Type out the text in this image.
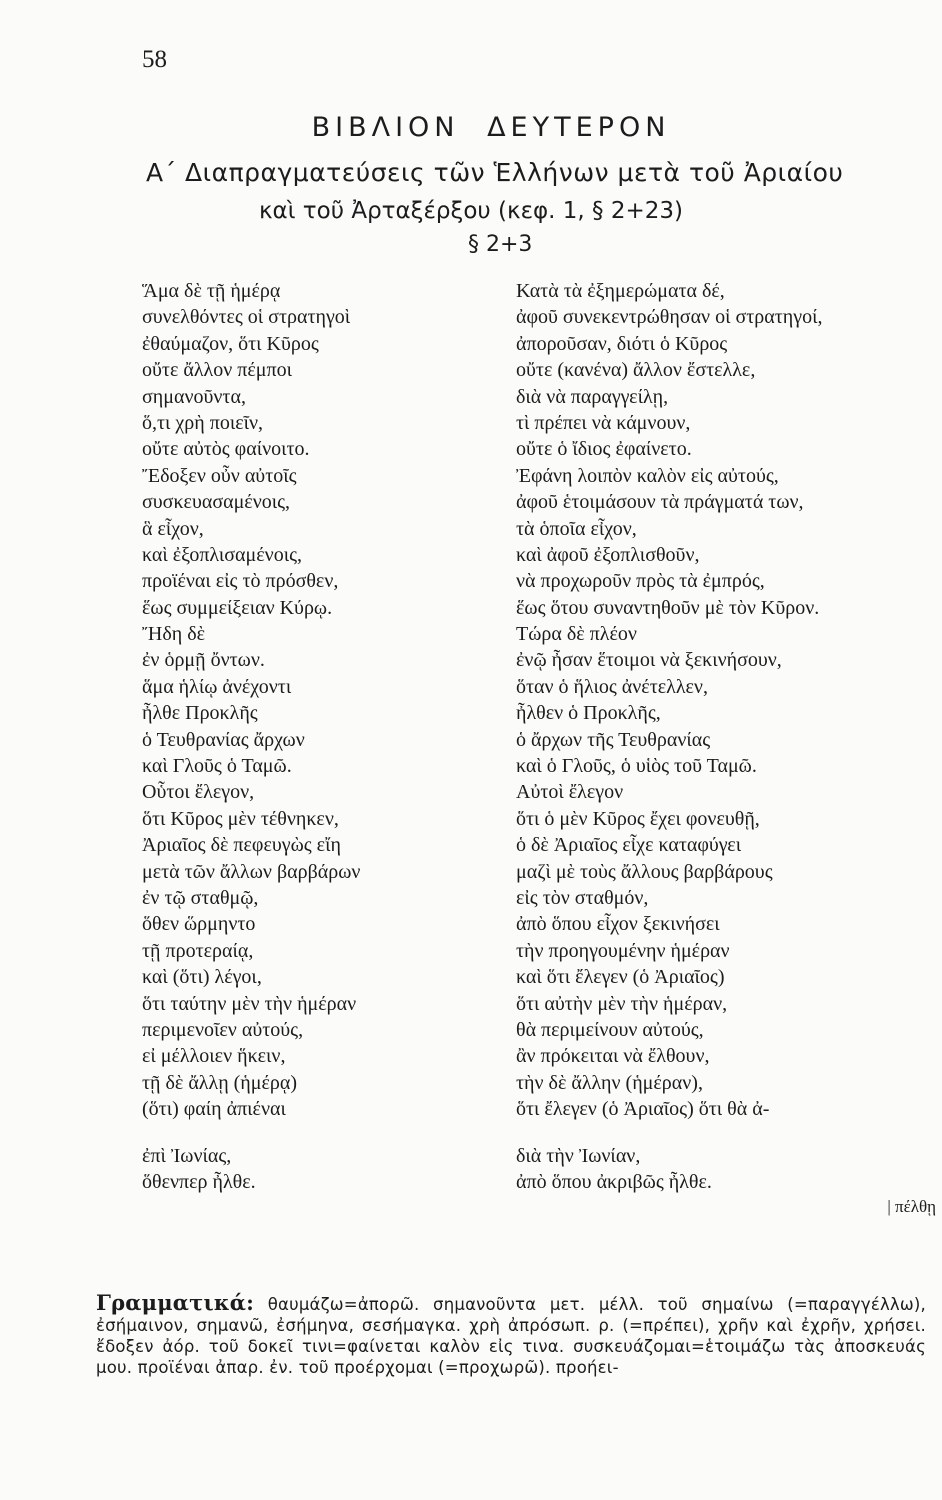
58
ΒΙΒΛΙΟΝ ΔΕΥΤΕΡΟΝ
Α΄ Διαπραγματεύσεις τῶν Ἑλλήνων μετὰ τοῦ Ἀριαίου
καὶ τοῦ Ἀρταξέρξου (κεφ. 1, § 2+23)
§ 2+3
Ἅμα δὲ τῇ ἡμέρᾳ
συνελθόντες οἱ στρατηγοὶ
ἐθαύμαζον, ὅτι Κῦρος
οὔτε ἄλλον πέμποι
σημανοῦντα,
ὅ,τι χρὴ ποιεῖν,
οὔτε αὐτὸς φαίνοιτο.
Ἔδοξεν οὖν αὐτοῖς
συσκευασαμένοις,
ἃ εἶχον,
καὶ ἐξοπλισαμένοις,
προϊέναι εἰς τὸ πρόσθεν,
ἕως συμμείξειαν Κύρῳ.
Ἤδη δὲ
ἐν ὁρμῇ ὄντων.
ἅμα ἡλίῳ ἀνέχοντι
ἦλθε Προκλῆς
ὁ Τευθρανίας ἄρχων
καὶ Γλοῦς ὁ Ταμῶ.
Οὗτοι ἔλεγον,
ὅτι Κῦρος μὲν τέθνηκεν,
Ἀριαῖος δὲ πεφευγὼς εἴη
μετὰ τῶν ἄλλων βαρβάρων
ἐν τῷ σταθμῷ,
ὅθεν ὥρμηντο
τῇ προτεραίᾳ,
καὶ (ὅτι) λέγοι,
ὅτι ταύτην μὲν τὴν ἡμέραν
περιμενοῖεν αὐτούς,
εἰ μέλλοιεν ἥκειν,
τῇ δὲ ἄλλῃ (ἡμέρᾳ)
(ὅτι) φαίη ἀπιέναι
ἐπὶ Ἰωνίας,
ὅθενπερ ἦλθε.
Κατὰ τὰ ἐξημερώματα δέ,
ἀφοῦ συνεκεντρώθησαν οἱ στρατηγοί,
ἀποροῦσαν, διότι ὁ Κῦρος
οὔτε (κανένα) ἄλλον ἔστελλε,
διὰ νὰ παραγγείλῃ,
τὶ πρέπει νὰ κάμνουν,
οὔτε ὁ ἴδιος ἐφαίνετο.
Ἐφάνη λοιπὸν καλὸν εἰς αὐτούς,
ἀφοῦ ἑτοιμάσουν τὰ πράγματά των,
τὰ ὁποῖα εἶχον,
καὶ ἀφοῦ ἐξοπλισθοῦν,
νὰ προχωροῦν πρὸς τὰ ἐμπρός,
ἕως ὅτου συναντηθοῦν μὲ τὸν Κῦρον.
Τώρα δὲ πλέον
ἐνῷ ἦσαν ἕτοιμοι νὰ ξεκινήσουν,
ὅταν ὁ ἥλιος ἀνέτελλεν,
ἦλθεν ὁ Προκλῆς,
ὁ ἄρχων τῆς Τευθρανίας
καὶ ὁ Γλοῦς, ὁ υἱὸς τοῦ Ταμῶ.
Αὐτοὶ ἔλεγον
ὅτι ὁ μὲν Κῦρος ἔχει φονευθῇ,
ὁ δὲ Ἀριαῖος εἶχε καταφύγει
μαζὶ μὲ τοὺς ἄλλους βαρβάρους
εἰς τὸν σταθμόν,
ἀπὸ ὅπου εἶχον ξεκινήσει
τὴν προηγουμένην ἡμέραν
καὶ ὅτι ἔλεγεν (ὁ Ἀριαῖος)
ὅτι αὐτὴν μὲν τὴν ἡμέραν,
θὰ περιμείνουν αὐτούς,
ἂν πρόκειται νὰ ἔλθουν,
τὴν δὲ ἄλλην (ἡμέραν),
ὅτι ἔλεγεν (ὁ Ἀριαῖος) ὅτι θὰ ἀ-
διὰ τὴν Ἰωνίαν,
ἀπὸ ὅπου ἀκριβῶς ἦλθε.
| πέλθῃ
Γραμματικά: θαυμάζω=ἀπορῶ. σημανοῦντα μετ. μέλλ. τοῦ σημαίνω (=παραγγέλλω), ἐσήμαινον, σημανῶ, ἐσήμηνα, σεσήμαγκα. χρὴ ἀπρόσωπ. ρ. (=πρέπει), χρῆν καὶ ἐχρῆν, χρήσει. ἔδοξεν ἀόρ. τοῦ δοκεῖ τινι=φαίνεται καλὸν εἰς τινα. συσκευάζομαι=ἑτοιμάζω τὰς ἀποσκευάς μου. προϊέναι ἀπαρ. ἐν. τοῦ προέρχομαι (=προχωρῶ). προήει-
